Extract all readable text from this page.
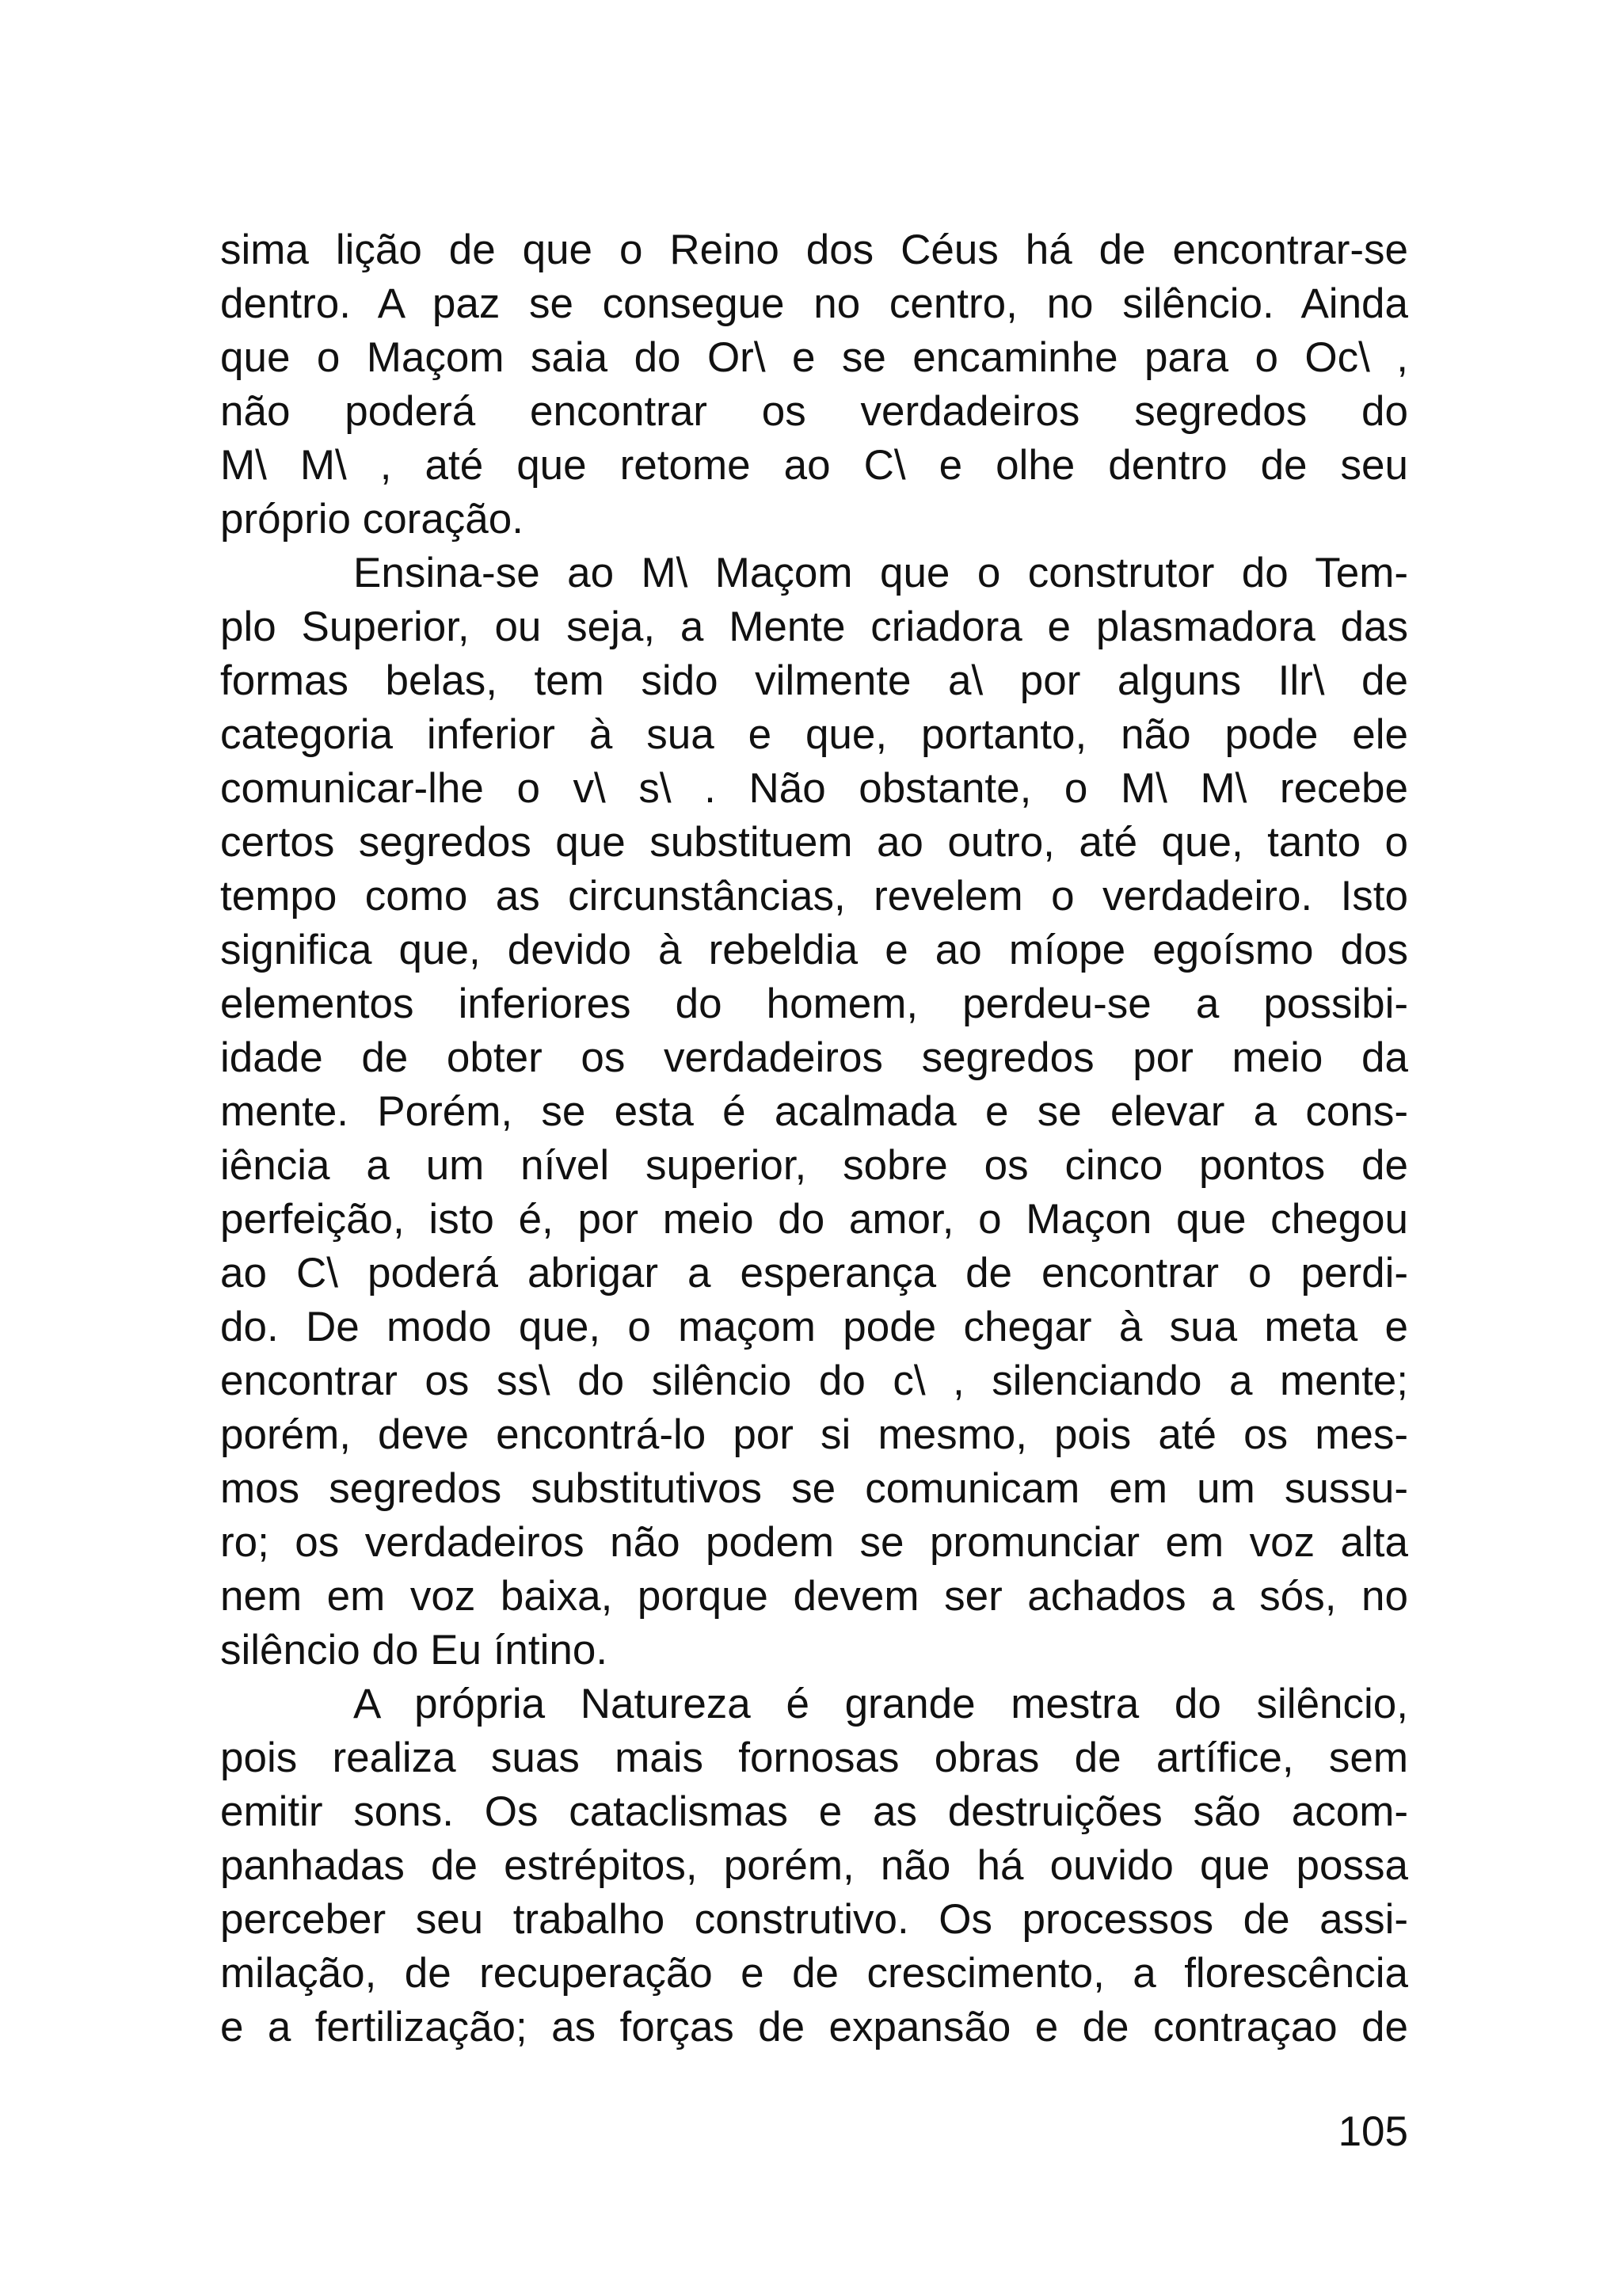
sima lição de que o Reino dos Céus há de encontrar-se
dentro. A paz se consegue no centro, no silêncio. Ainda
que o Maçom saia do Or\ e se encaminhe para o Oc\ ,
não poderá encontrar os verdadeiros segredos do
M\ M\ , até que retome ao C\ e olhe dentro de seu
próprio coração.
Ensina-se ao M\ Maçom que o construtor do Tem-
plo Superior, ou seja, a Mente criadora e plasmadora das
formas belas, tem sido vilmente a\ por alguns Ilr\ de
categoria inferior à sua e que, portanto, não pode ele
comunicar-lhe o v\ s\ . Não obstante, o M\ M\ recebe
certos segredos que substituem ao outro, até que, tanto o
tempo como as circunstâncias, revelem o verdadeiro. Isto
significa que, devido à rebeldia e ao míope egoísmo dos
elementos inferiores do homem, perdeu-se a possibi-
idade de obter os verdadeiros segredos por meio da
mente. Porém, se esta é acalmada e se elevar a cons-
iência a um nível superior, sobre os cinco pontos de
perfeição, isto é, por meio do amor, o Maçon que chegou
ao C\ poderá abrigar a esperança de encontrar o perdi-
do. De modo que, o maçom pode chegar à sua meta e
encontrar os ss\ do silêncio do c\ , silenciando a mente;
porém, deve encontrá-lo por si mesmo, pois até os mes-
mos segredos substitutivos se comunicam em um sussu-
ro; os verdadeiros não podem se promunciar em voz alta
nem em voz baixa, porque devem ser achados a sós, no
silêncio do Eu íntino.
A própria Natureza é grande mestra do silêncio,
pois realiza suas mais fornosas obras de artífice, sem
emitir sons. Os cataclismas e as destruições são acom-
panhadas de estrépitos, porém, não há ouvido que possa
perceber seu trabalho construtivo. Os processos de assi-
milação, de recuperação e de crescimento, a florescência
e a fertilização; as forças de expansão e de contraçao de
105
